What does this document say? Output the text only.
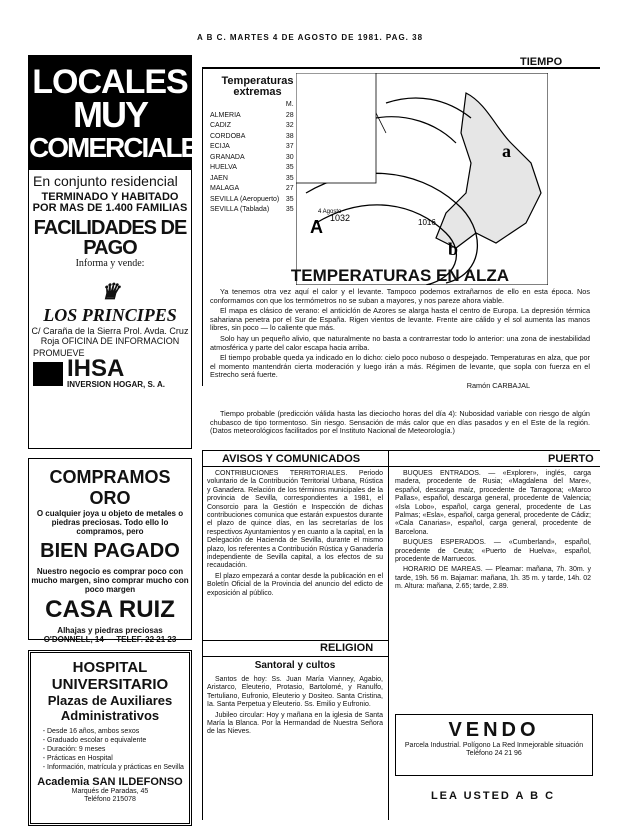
A B C. MARTES 4 DE AGOSTO DE 1981. PAG. 38
LOCALES
MUY
COMERCIALES
En conjunto residencial
TERMINADO Y HABITADO POR MAS DE 1.400 FAMILIAS
FACILIDADES DE PAGO
Informa y vende:
♛
LOS PRINCIPES
C/ Caraña de la Sierra Prol. Avda. Cruz Roja OFICINA DE INFORMACION
PROMUEVE
IHSA
INVERSION HOGAR, S. A.
COMPRAMOS ORO
O cualquier joya u objeto de metales o piedras preciosas. Todo ello lo compramos, pero
BIEN PAGADO
Nuestro negocio es comprar poco con mucho margen, sino comprar mucho con poco margen
CASA RUIZ
Alhajas y piedras preciosas
O'DONNELL, 14 — TELEF. 22 21 23
HOSPITAL UNIVERSITARIO
Plazas de Auxiliares Administrativos
- Desde 16 años, ambos sexos
- Graduado escolar o equivalente
- Duración: 9 meses
- Prácticas en Hospital
- Información, matrícula y prácticas en Sevilla
Academia SAN ILDEFONSO
Marqués de Paradas, 45
Teléfono 215078
TIEMPO
Temperaturas extremas
	M.	
ALMERIA	28	
CADIZ	32	
CORDOBA	38	
ECIJA	37	
GRANADA	30	
HUELVA	35	
JAEN	35	
MALAGA	27	
SEVILLA (Aeropuerto)	35	
SEVILLA (Tablada)	35		4 Agosto
A 1032
a
b
1016
TEMPERATURAS EN ALZA

Ya tenemos otra vez aquí el calor y el levante. Tampoco podemos extrañarnos de ello en esta época. Nos conformamos con que los termómetros no se suban a mayores, y nos pareze ahora viable.

El mapa es clásico de verano: el anticiclón de Azores se alarga hasta el centro de Europa. La depresión térmica sahariana penetra por el Sur de España. Rigen vientos de levante. Frente aire cálido y el sol aumenta las manos libres, sin poco — lo caliente que más.

Solo hay un pequeño alivio, que naturalmente no basta a contrarrestar todo lo anterior: una zona de inestabilidad atmosférica y parte del calor escapa hacia arriba.

El tiempo probable queda ya indicado en lo dicho: cielo poco nuboso o despejado. Temperaturas en alza, que por el momento mantendrán cierta moderación y luego irán a más. Régimen de levante, que sopla con fuerza en el Estrecho será fuerte.

Ramón CARBAJAL

Tiempo probable (predicción válida hasta las dieciocho horas del día 4): Nubosidad variable con riesgo de algún chubasco de tipo tormentoso. Sin riesgo. Sensación de más calor que en días pasados y en el Este de la región. (Datos meteorológicos facilitados por el Instituto Nacional de Meteorología.)

AVISOS Y COMUNICADOS	PUERTO

CONTRIBUCIONES TERRITORIALES. Periodo voluntario de la Contribución Territorial Urbana, Rústica y Ganadera. Relación de los términos municipales de la provincia de Sevilla, correspondientes a 1981, el Consorcio para la Gestión e Inspección de dichas contribuciones comunica que estarán expuestos durante el plazo de quince días, en las secretarías de los respectivos Ayuntamientos y en cuanto a la capital, en la Delegación de Hacienda de Sevilla, durante el mismo plazo, los referentes a Contribución Rústica y Ganadería independiente de Sevilla capital, a los efectos de su recaudación.

El plazo empezará a contar desde la publicación en el Boletín Oficial de la Provincia del anuncio del edicto de exposición al público.

RELIGION
Santoral y cultos

Santos de hoy: Ss. Juan María Vianney, Agabio, Aristarco, Eleuterio, Protasio, Bartolomé, y Ranulfo, Tertuliano, Eufronio, Eleuterio y Dositeo. Santa Cristina, Ia. Santa Perpetua y Eleuterio. Ss. Emilio y Eufronio.

Jubileo circular: Hoy y mañana en la iglesia de Santa María la Blanca. Por la Hermandad de Nuestra Señora de las Nieves.

BUQUES ENTRADOS. — «Explorer», inglés, carga madera, procedente de Rusia; «Magdalena del Mare», español, descarga maíz, procedente de Tarragona; «Marco Pallas», español, descarga general, procedente de Valencia; «Isla Lobo», español, carga general, procedente de Las Palmas; «Esla», español, carga general, procedente de Cádiz; «Cala Canarias», español, carga general, procedente de Barcelona.

BUQUES ESPERADOS. — «Cumberland», español, procedente de Ceuta; «Puerto de Huelva», español, procedente de Marruecos.

HORARIO DE MAREAS. — Pleamar: mañana, 7h. 30m. y tarde, 19h. 56 m. Bajamar: mañana, 1h. 35 m. y tarde, 14h. 02 m. Altura: mañana, 2.65; tarde, 2.89.

VENDO
Parcela Industrial. Polígono La Red Inmejorable situación
Teléfono 24 21 96
LEA USTED A B C
